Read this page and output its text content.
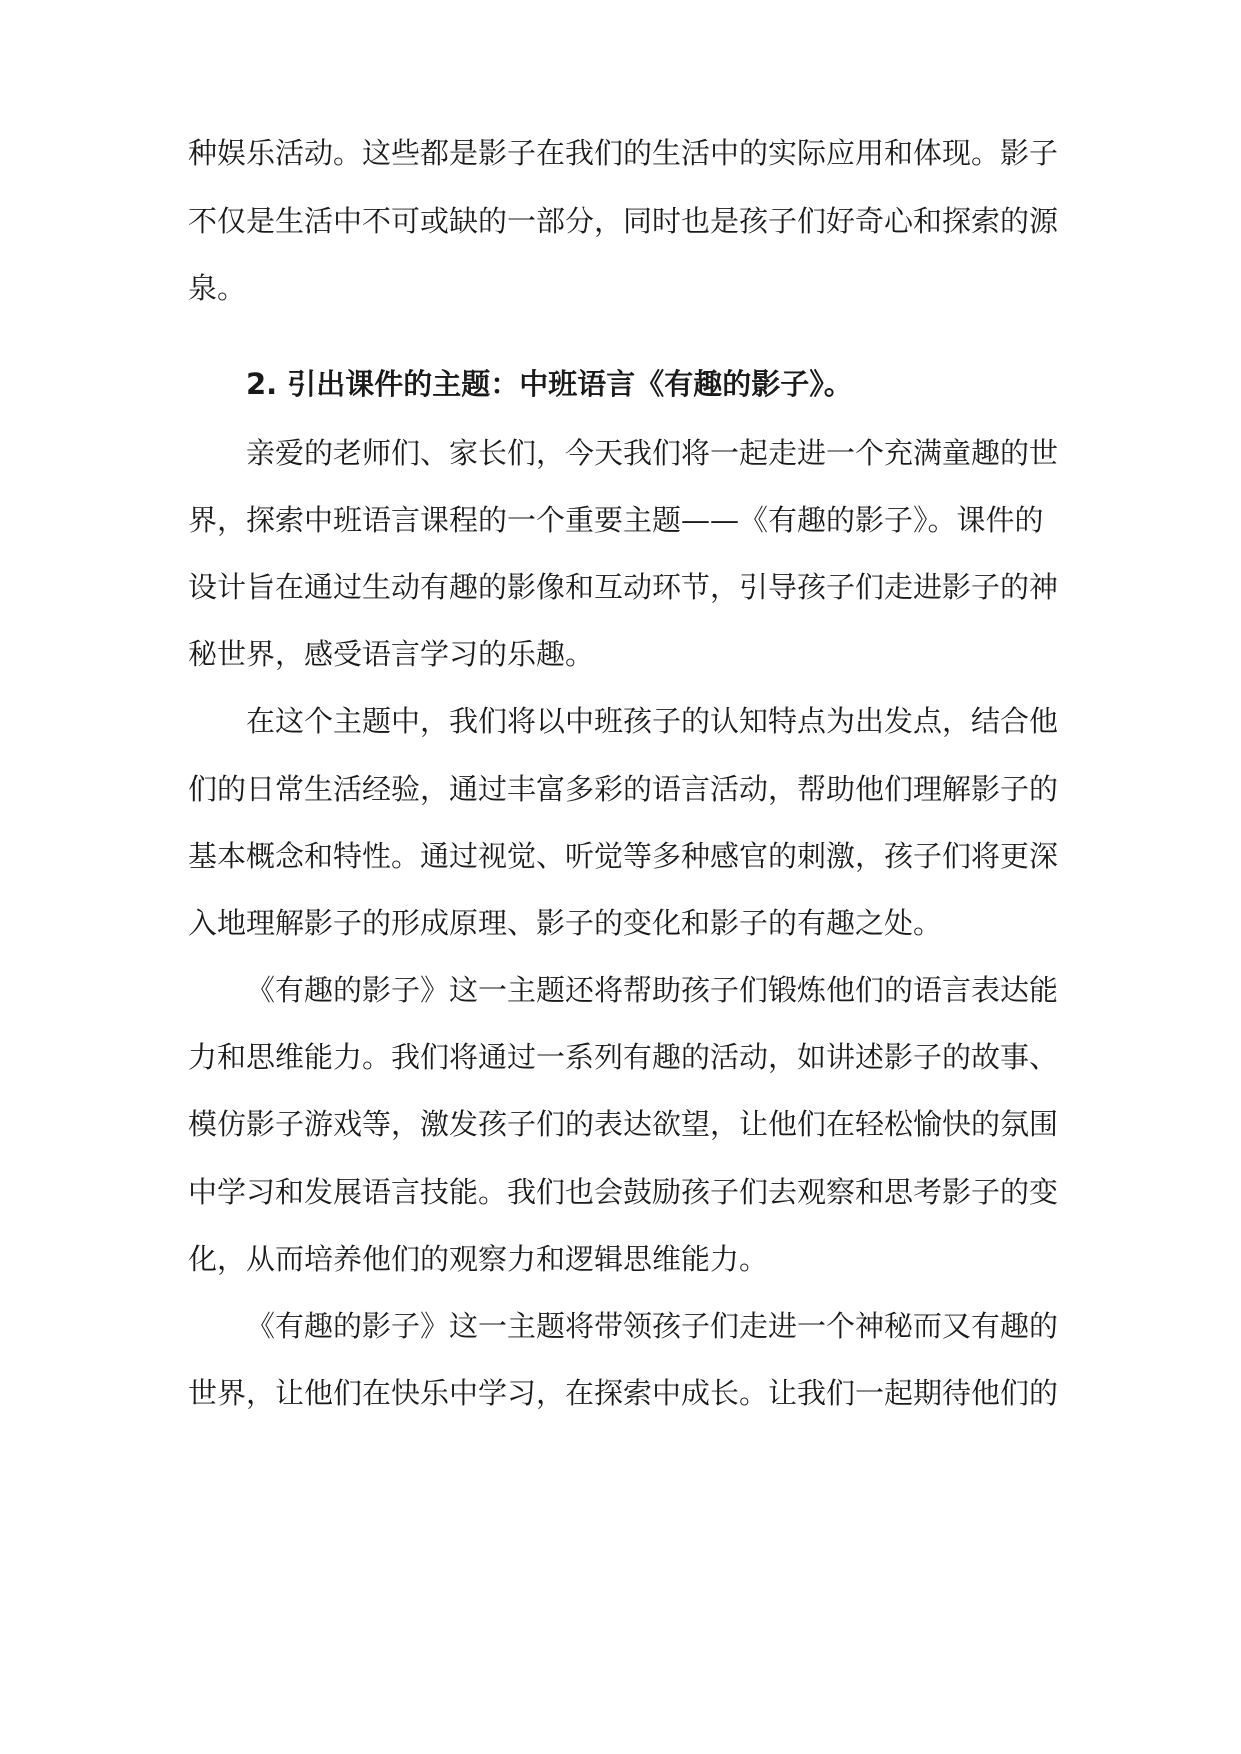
种娱乐活动。这些都是影子在我们的生活中的实际应用和体现。影子
不仅是生活中不可或缺的一部分，同时也是孩子们好奇心和探索的源
泉。
2. 引出课件的主题：中班语言《有趣的影子》。
亲爱的老师们、家长们，今天我们将一起走进一个充满童趣的世
界，探索中班语言课程的一个重要主题——《有趣的影子》。课件的
设计旨在通过生动有趣的影像和互动环节，引导孩子们走进影子的神
秘世界，感受语言学习的乐趣。
在这个主题中，我们将以中班孩子的认知特点为出发点，结合他
们的日常生活经验，通过丰富多彩的语言活动，帮助他们理解影子的
基本概念和特性。通过视觉、听觉等多种感官的刺激，孩子们将更深
入地理解影子的形成原理、影子的变化和影子的有趣之处。
《有趣的影子》这一主题还将帮助孩子们锻炼他们的语言表达能
力和思维能力。我们将通过一系列有趣的活动，如讲述影子的故事、
模仿影子游戏等，激发孩子们的表达欲望，让他们在轻松愉快的氛围
中学习和发展语言技能。我们也会鼓励孩子们去观察和思考影子的变
化，从而培养他们的观察力和逻辑思维能力。
《有趣的影子》这一主题将带领孩子们走进一个神秘而又有趣的
世界，让他们在快乐中学习，在探索中成长。让我们一起期待他们的
